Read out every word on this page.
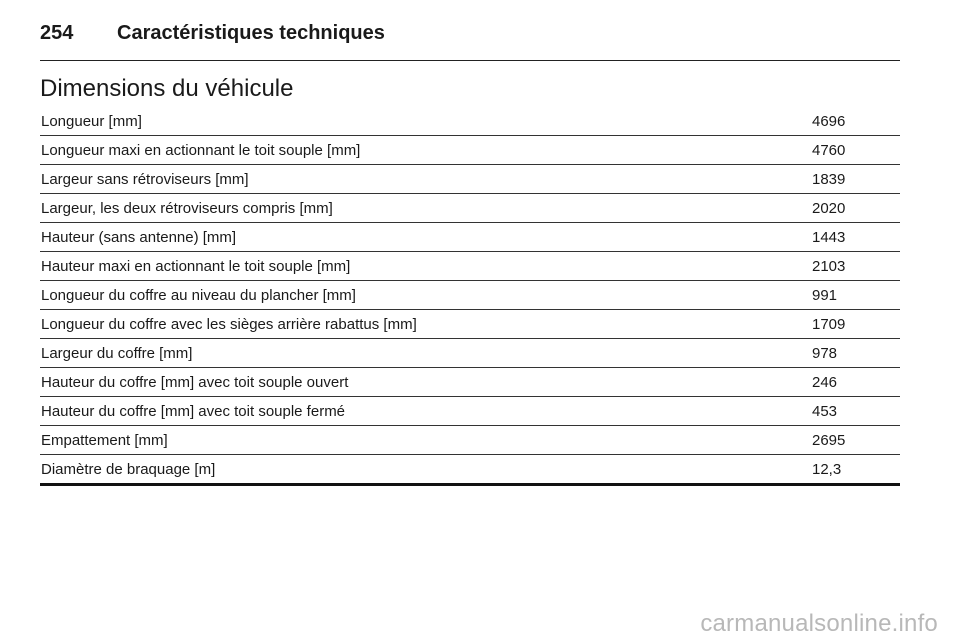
254	Caractéristiques techniques
Dimensions du véhicule
Longueur [mm]	4696
Longueur maxi en actionnant le toit souple [mm]	4760
Largeur sans rétroviseurs [mm]	1839
Largeur, les deux rétroviseurs compris [mm]	2020
Hauteur (sans antenne) [mm]	1443
Hauteur maxi en actionnant le toit souple [mm]	2103
Longueur du coffre au niveau du plancher [mm]	991
Longueur du coffre avec les sièges arrière rabattus [mm]	1709
Largeur du coffre [mm]	978
Hauteur du coffre [mm] avec toit souple ouvert	246
Hauteur du coffre [mm] avec toit souple fermé	453
Empattement [mm]	2695
Diamètre de braquage [m]	12,3
carmanualsonline.info
